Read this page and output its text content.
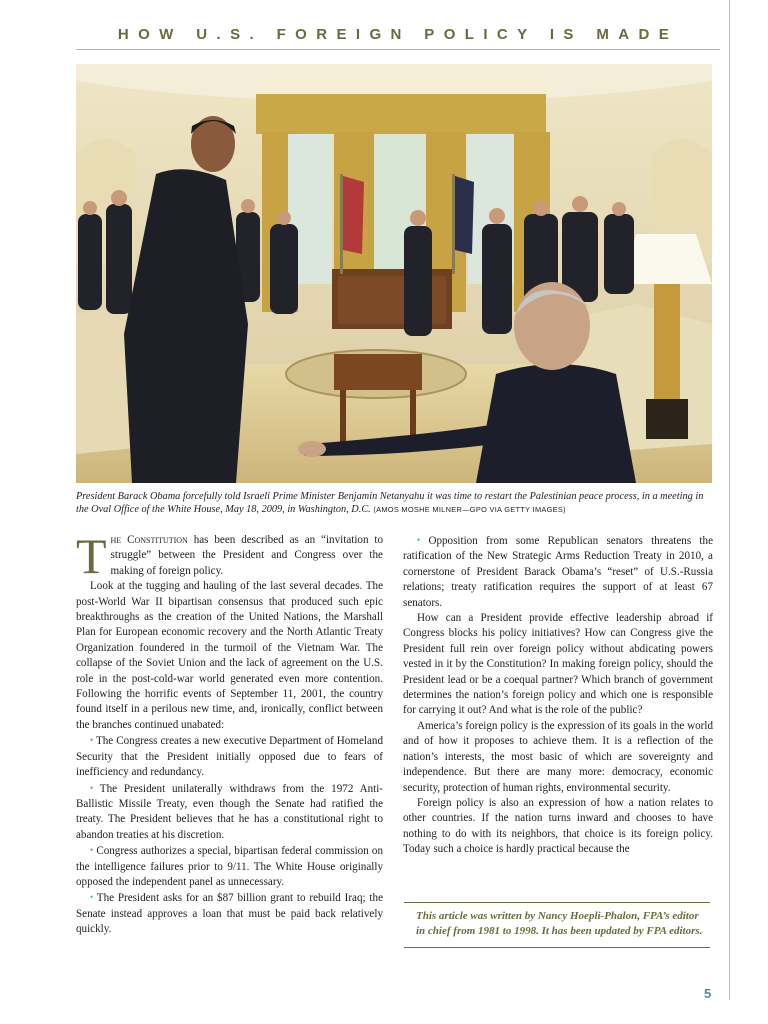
HOW U.S. FOREIGN POLICY IS MADE
President Barack Obama forcefully told Israeli Prime Minister Benjamin Netanyahu it was time to restart the Palestinian peace process, in a meeting in the Oval Office of the White House, May 18, 2009, in Washington, D.C. (AMOS MOSHE MILNER—GPO VIA GETTY IMAGES)

The Constitution has been described as an “invitation to struggle” between the President and Congress over the making of foreign policy.

Look at the tugging and hauling of the last several decades. The post-World War II bipartisan consensus that produced such epic breakthroughs as the creation of the United Nations, the Marshall Plan for European economic recovery and the North Atlantic Treaty Organization foundered in the turmoil of the Vietnam War. The collapse of the Soviet Union and the lack of agreement on the U.S. role in the post-cold-war world generated even more contention. Following the horrific events of September 11, 2001, the country found itself in a perilous new time, and, ironically, conflict between the branches continued unabated:

• The Congress creates a new executive Department of Homeland Security that the President initially opposed due to fears of inefficiency and redundancy.

• The President unilaterally withdraws from the 1972 Anti-Ballistic Missile Treaty, even though the Senate had ratified the treaty. The President believes that he has a constitutional right to abandon treaties at his discretion.

• Congress authorizes a special, bipartisan federal commission on the intelligence failures prior to 9/11. The White House originally opposed the independent panel as unnecessary.

• The President asks for an $87 billion grant to rebuild Iraq; the Senate instead approves a loan that must be paid back relatively quickly.

• Opposition from some Republican senators threatens the ratification of the New Strategic Arms Reduction Treaty in 2010, a cornerstone of President Barack Obama’s “reset” of U.S.-Russia relations; treaty ratification requires the support of at least 67 senators.

How can a President provide effective leadership abroad if Congress blocks his policy initiatives? How can Congress give the President full rein over foreign policy without abdicating powers vested in it by the Constitution? In making foreign policy, should the President lead or be a coequal partner? Which branch of government determines the nation’s foreign policy and which one is responsible for carrying it out? And what is the role of the public?

America’s foreign policy is the expression of its goals in the world and of how it proposes to achieve them. It is a reflection of the nation’s interests, the most basic of which are sovereignty and independence. But there are many more: democracy, economic security, protection of human rights, environmental security.

Foreign policy is also an expression of how a nation relates to other countries. If the nation turns inward and chooses to have nothing to do with its neighbors, that choice is its foreign policy. Today such a choice is hardly practical because the

This article was written by Nancy Hoepli-Phalon, FPA’s editor in chief from 1981 to 1998. It has been updated by FPA editors.

5
